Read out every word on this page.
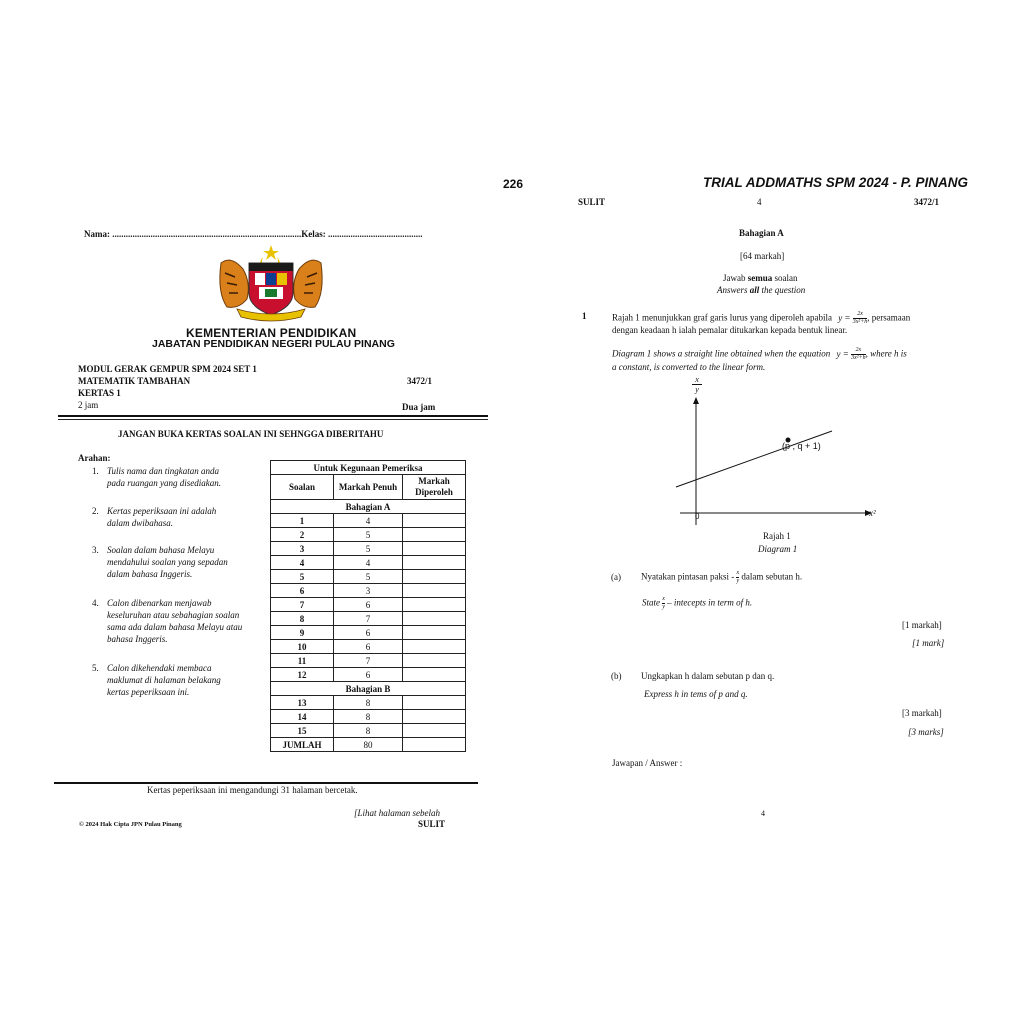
Nama: ....................................................................................Kelas: ..........................................
KEMENTERIAN PENDIDIKAN
JABATAN PENDIDIKAN NEGERI PULAU PINANG
MODUL GERAK GEMPUR SPM 2024 SET 1
MATEMATIK TAMBAHAN	3472/1
KERTAS 1
2 jam	Dua jam
JANGAN BUKA KERTAS SOALAN INI SEHNGGA DIBERITAHU
Arahan:
1. Tulis nama dan tingkatan anda
pada ruangan yang disediakan.
2. Kertas peperiksaan ini adalah
dalam dwibahasa.
3. Soalan dalam bahasa Melayu
mendahului soalan yang sepadan
dalam bahasa Inggeris.
4. Calon dibenarkan menjawab
keseluruhan atau sebahagian soalan
sama ada dalam bahasa Melayu atau
bahasa Inggeris.
5. Calon dikehendaki membaca
maklumat di halaman belakang
kertas peperiksaan ini.
Untuk Kegunaan Pemeriksa		
Soalan	Markah Penuh	Markah Diperoleh
Bahagian A		
1	4	
2	5	
3	5	
4	4	
5	5	
6	3	
7	6	
8	7	
9	6	
10	6	
11	7	
12	6	
Bahagian B		
13	8	
14	8	
15	8	
JUMLAH	80	
Kertas peperiksaan ini mengandungi 31 halaman bercetak.
[Lihat halaman sebelah
SULIT
© 2024 Hak Cipta JPN Pulau Pinang
226	TRIAL ADDMATHS SPM 2024 - P. PINANG
SULIT	4	3472/1
Bahagian A
[64 markah]
Jawab semua soalan
Answers all the question
1	Rajah 1 menunjukkan graf garis lurus yang diperoleh apabila $y = \frac{2x}{\text{3x²+h}}$ , persamaan
dengan keadaan h ialah pemalar ditukarkan kepada bentuk linear.
Diagram 1 shows a straight line obtained when the equation $y = \frac{2x}{\text{3x²+h}}$ , where h is
a constant, is converted to the linear form.
$\frac{x}{y}$
(p , q + 1)
0	x²
Rajah 1
Diagram 1
(a) Nyatakan pintasan paksi - $\frac{x}{y}$ dalam sebutan h.
State $\frac{x}{y}$ – intecepts in term of h.
[1 markah]
[1 mark]
(b) Ungkapkan h dalam sebutan p dan q.
Express h in tems of p and q.
[3 markah]
[3 marks]
Jawapan / Answer :
4
